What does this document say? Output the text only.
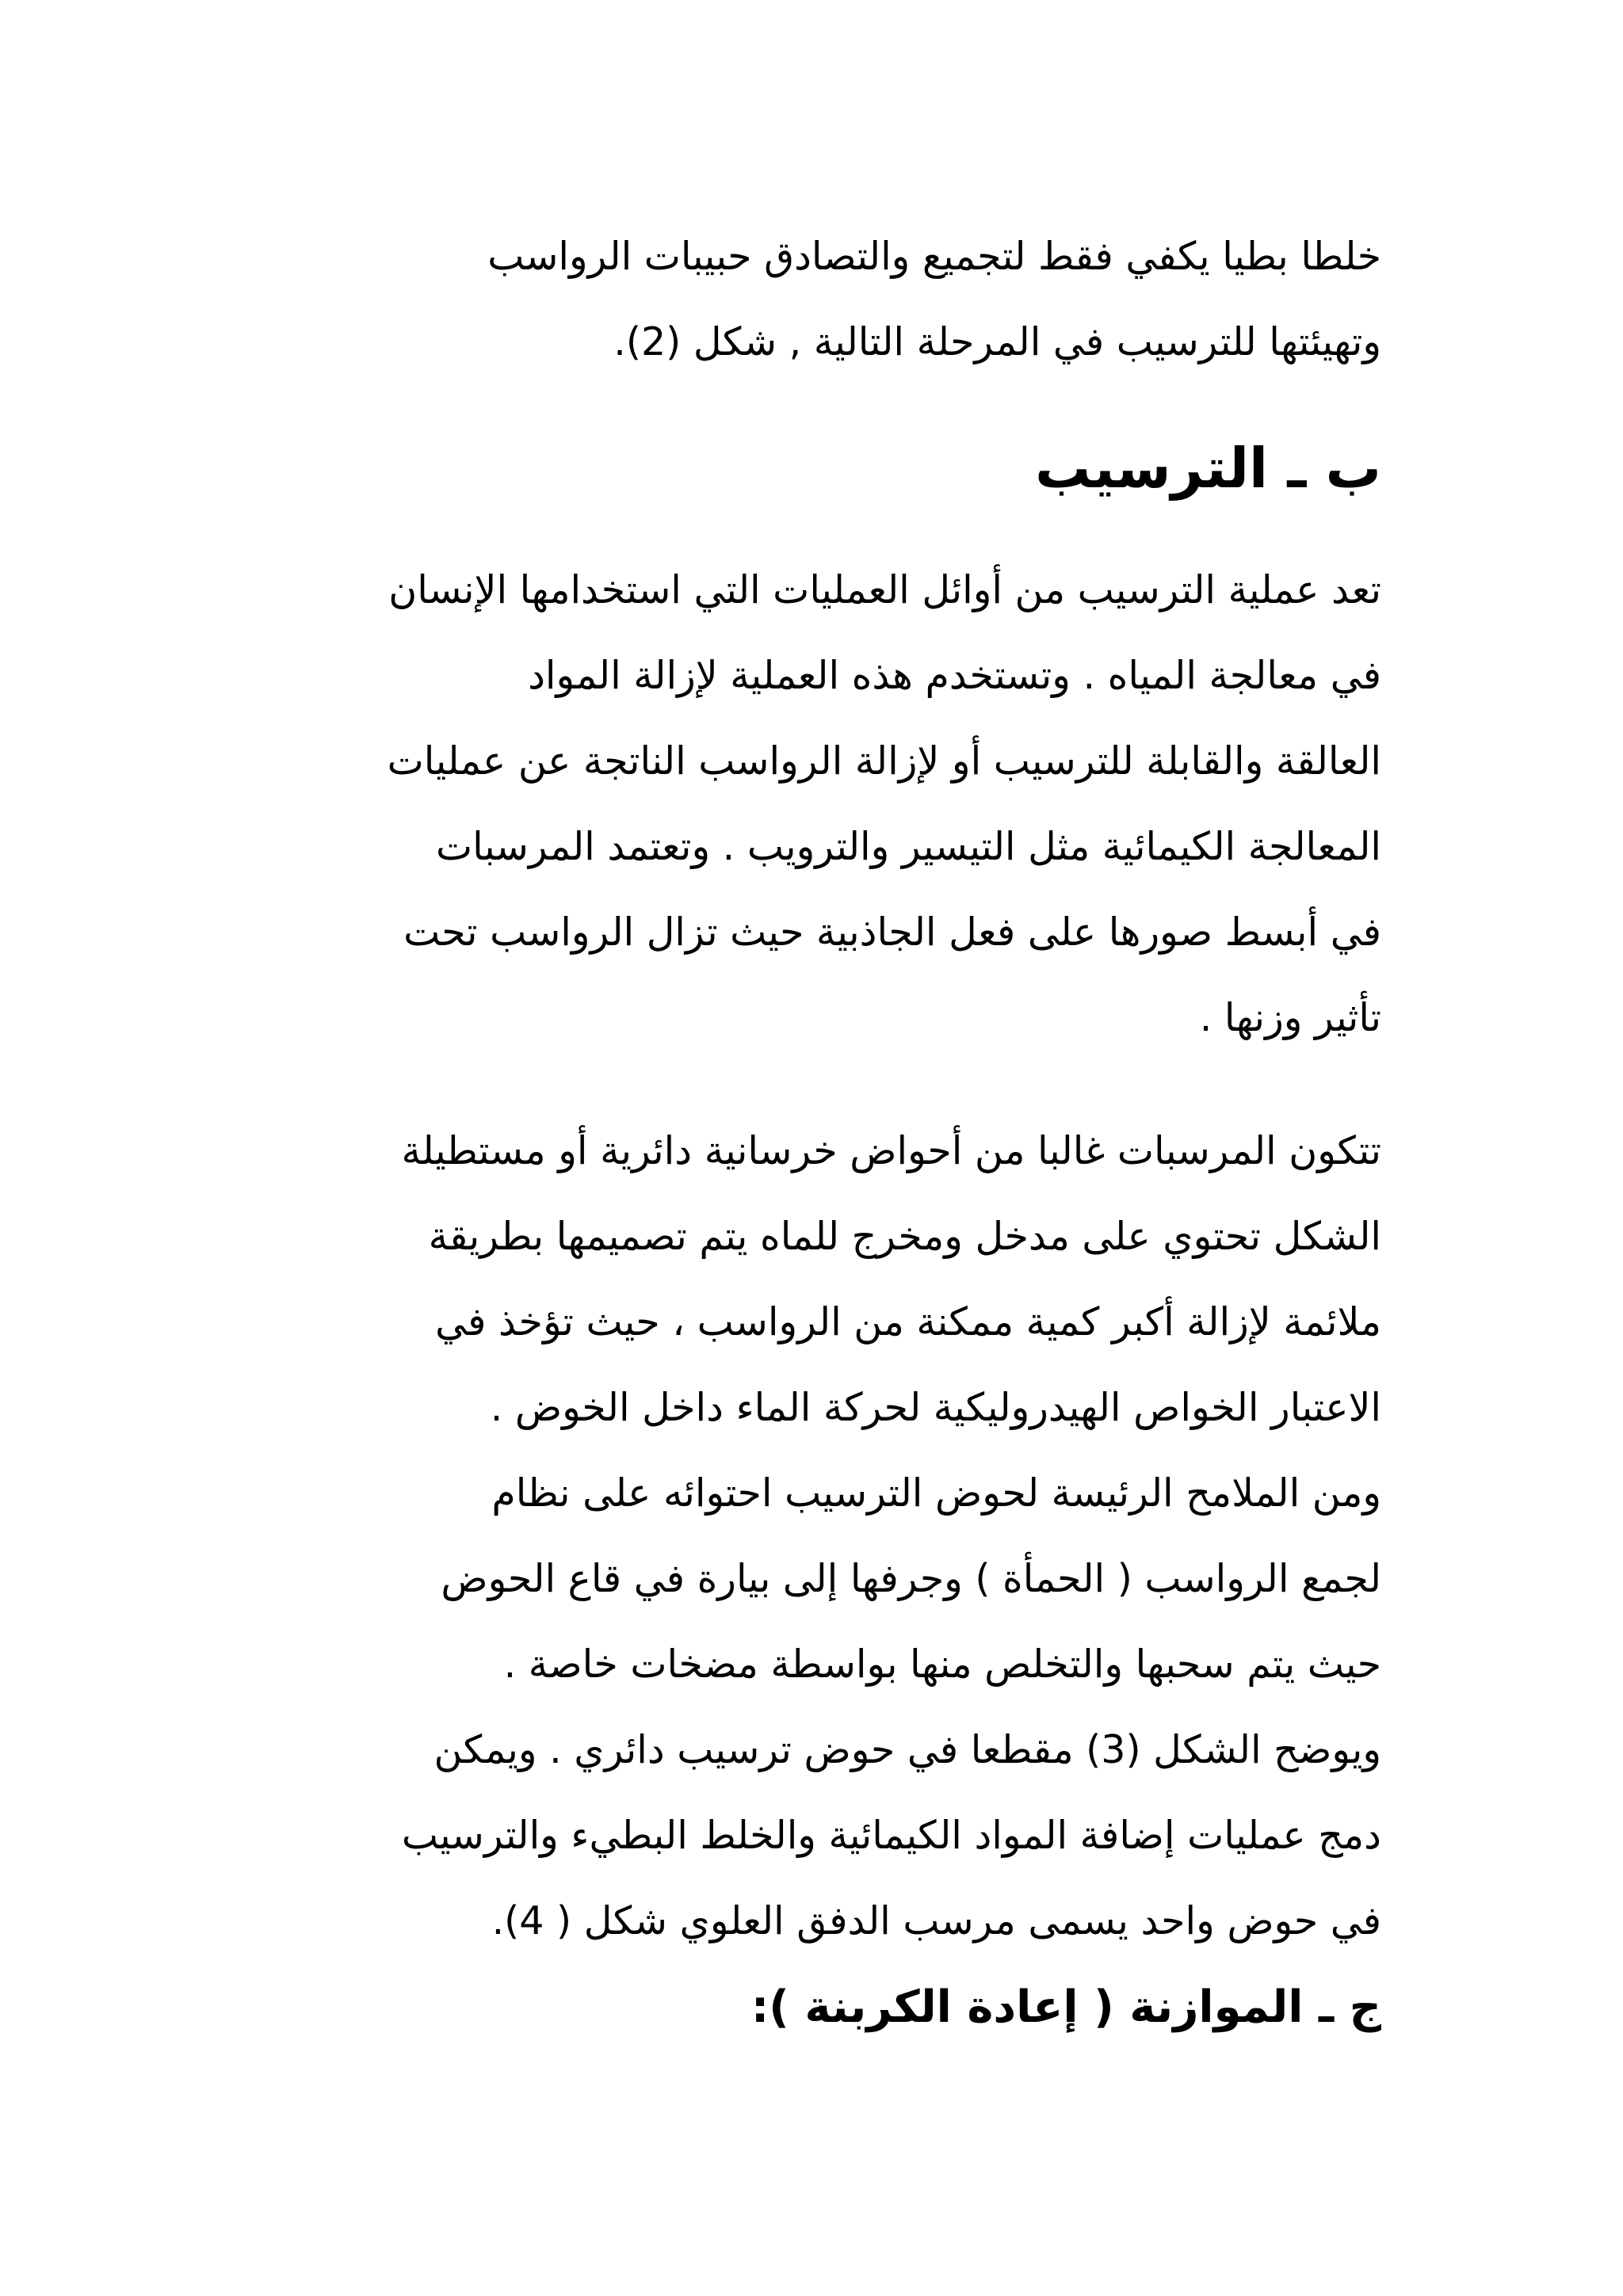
خلطا بطيا يكفي فقط لتجميع والتصادق حبيبات الرواسب
وتهيئتها للترسيب في المرحلة التالية , شكل (2).

ب ـ الترسيب

تعد عملية الترسيب من أوائل العمليات التي استخدامها الإنسان
في معالجة المياه . وتستخدم هذه العملية لإزالة المواد
العالقة والقابلة للترسيب أو لإزالة الرواسب الناتجة عن عمليات
المعالجة الكيمائية مثل التيسير والترويب . وتعتمد المرسبات
في أبسط صورها على فعل الجاذبية حيث تزال الرواسب تحت
تأثير وزنها .

تتكون المرسبات غالبا من أحواض خرسانية دائرية أو مستطيلة
الشكل تحتوي على مدخل ومخرج للماه يتم تصميمها بطريقة
ملائمة لإزالة أكبر كمية ممكنة من الرواسب ، حيث تؤخذ في
الاعتبار الخواص الهيدروليكية لحركة الماء داخل الخوض .
ومن الملامح الرئيسة لحوض الترسيب احتوائه على نظام
لجمع الرواسب ( الحمأة ) وجرفها إلى بيارة في قاع الحوض
حيث يتم سحبها والتخلص منها بواسطة مضخات خاصة .
ويوضح الشكل (3) مقطعا في حوض ترسيب دائري . ويمكن
دمج عمليات إضافة المواد الكيمائية والخلط البطيء والترسيب
في حوض واحد يسمى مرسب الدفق العلوي شكل ( 4).

ج ـ الموازنة ( إعادة الكربنة ):
